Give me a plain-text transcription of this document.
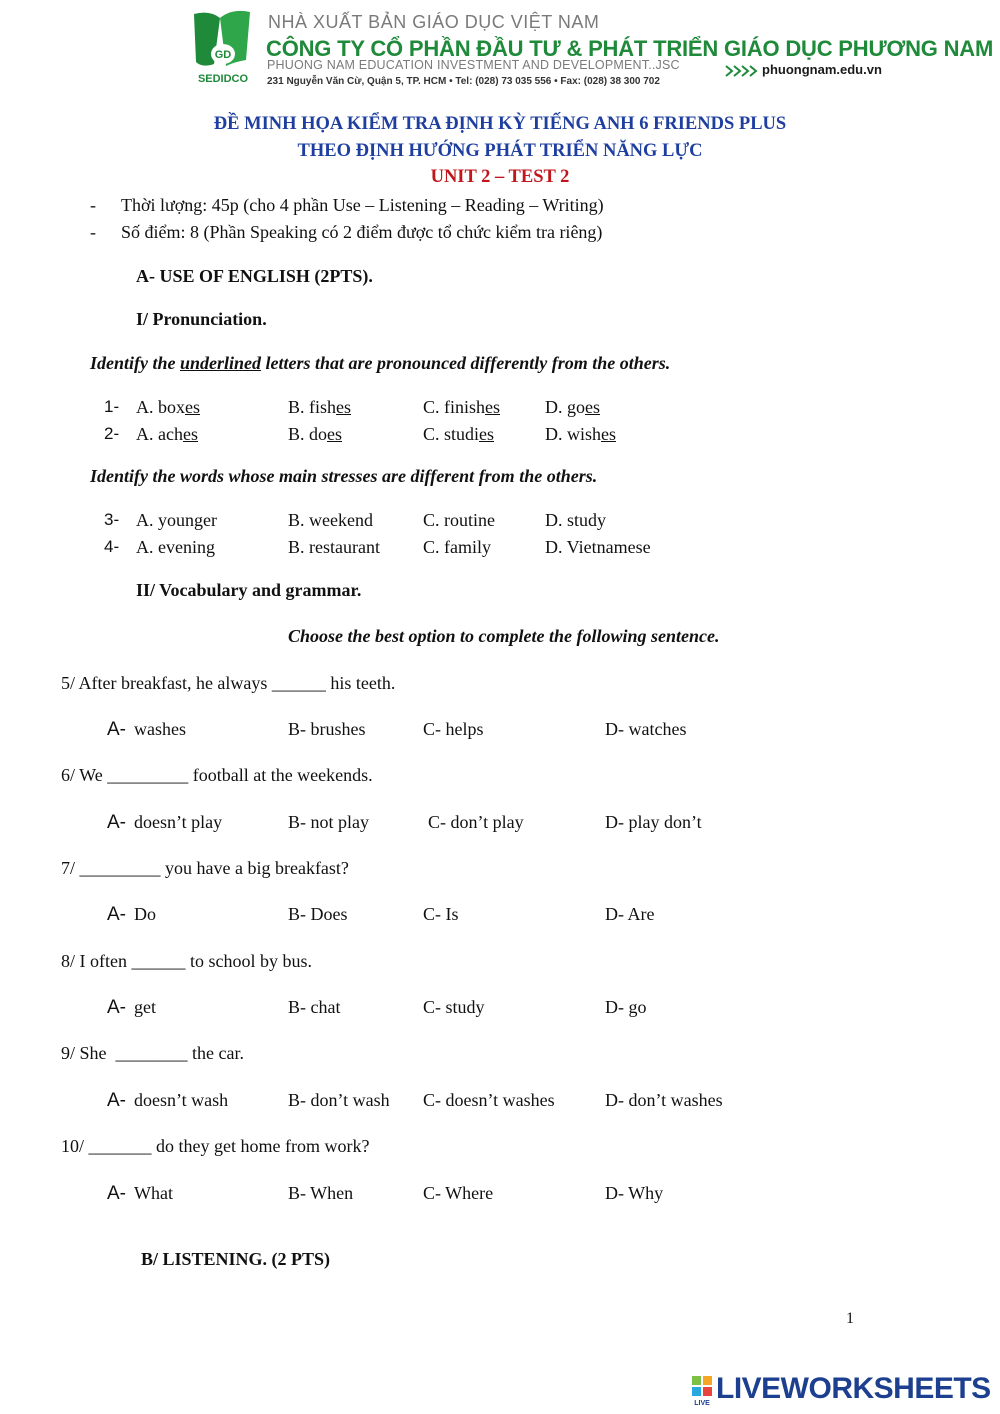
GD
SEDIDCO
NHÀ XUẤT BẢN GIÁO DỤC VIỆT NAM
CÔNG TY CỔ PHẦN ĐẦU TƯ & PHÁT TRIỂN GIÁO DỤC PHƯƠNG NAM
PHUONG NAM EDUCATION INVESTMENT AND DEVELOPMENT..JSC
231 Nguyễn Văn Cừ, Quận 5, TP. HCM • Tel: (028) 73 035 556 • Fax: (028) 38 300 702
phuongnam.edu.vn
ĐỀ MINH HỌA KIỂM TRA ĐỊNH KỲ TIẾNG ANH 6 FRIENDS PLUS
THEO ĐỊNH HƯỚNG PHÁT TRIỂN NĂNG LỰC
UNIT 2 – TEST 2
- Thời lượng: 45p (cho 4 phần Use – Listening – Reading – Writing)
- Số điểm: 8 (Phần Speaking có 2 điểm được tổ chức kiểm tra riêng)
A- USE OF ENGLISH (2PTS).
I/ Pronunciation.
Identify the underlined letters that are pronounced differently from the others.
1- A. boxes	B. fishes	C. finishes D. goes
2- A. aches	B. does	C. studies	D. wishes
Identify the words whose main stresses are different from the others.
3- A. younger	B. weekend	C. routine	D. study
4- A. evening	B. restaurant C. family	D. Vietnamese
II/ Vocabulary and grammar.
Choose the best option to complete the following sentence.
5/ After breakfast, he always ______ his teeth.
A- washes	B- brushes	C- helps	D- watches
6/ We _________ football at the weekends.
A- doesn’t play	B- not play	C- don’t play	D- play don’t
7/ _________ you have a big breakfast?
A- Do	B- Does	C- Is	D- Are
8/ I often ______ to school by bus.
A- get	B- chat	C- study	D- go
9/ She  ________ the car.
A- doesn’t wash	B- don’t wash C- doesn’t washes	D- don’t washes
10/ _______ do they get home from work?
A- What	B- When	C- Where	D- Why
B/ LISTENING. (2 PTS)
1
LIVE LIVEWORKSHEETS
